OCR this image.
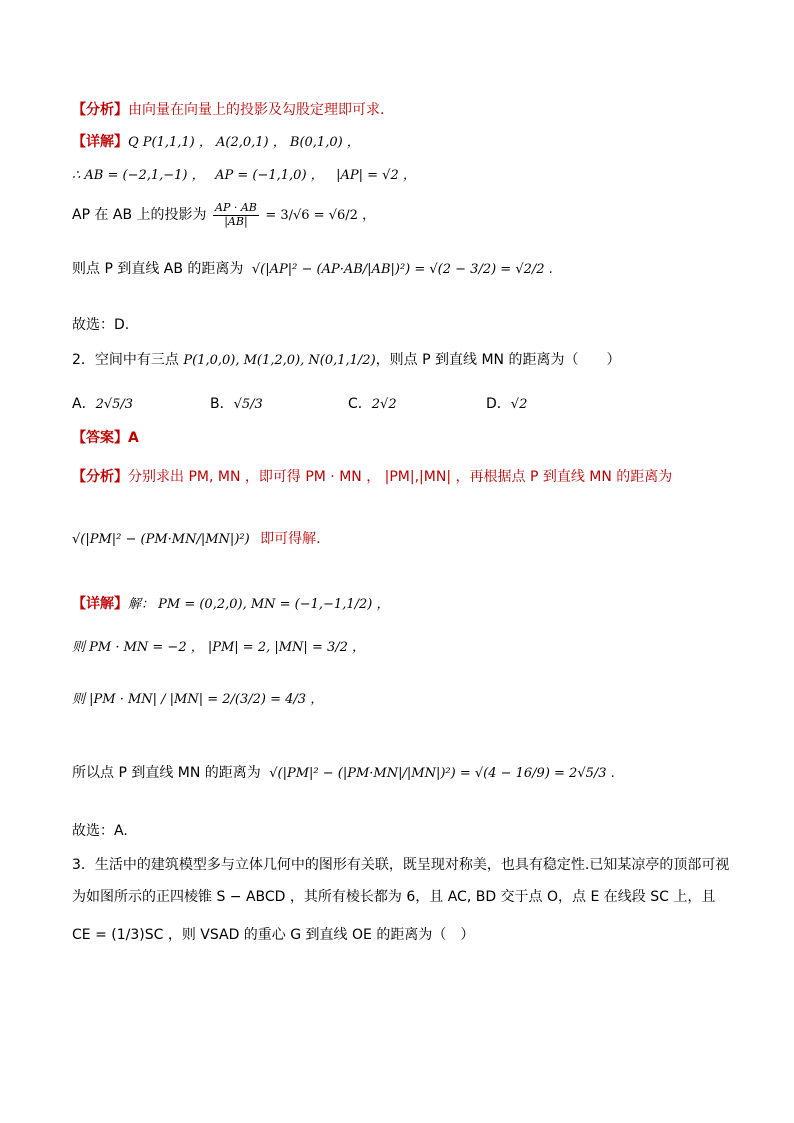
【分析】由向量在向量上的投影及勾股定理即可求.
【详解】Q P(1,1,1) ， A(2,0,1) ， B(0,1,0) ，
∴ AB = (−2,1,−1) ， AP = (−1,1,0) ， |AP| = √2 ，
AP 在 AB 上的投影为 $\frac{AP \cdot AB}{|AB|} = 3/√6 = √6/2$ ，
则点 P 到直线 AB 的距离为 √(|AP|² − (AP·AB/|AB|)²) = √(2 − 3/2) = √2/2 .
故选：D.
2．空间中有三点 P(1,0,0), M(1,2,0), N(0,1,1/2)，则点 P 到直线 MN 的距离为（　　）
A．2√5/3	B．√5/3	C．2√2	D．√2
【答案】A
【分析】分别求出 PM, MN ，即可得 PM · MN ， |PM|,|MN| ，再根据点 P 到直线 MN 的距离为
√(|PM|² − (PM·MN/|MN|)²) 即可得解.
【详解】解： PM = (0,2,0), MN = (−1,−1,1/2) ，
则 PM · MN = −2 ， |PM| = 2, |MN| = 3/2 ，
则 |PM · MN| / |MN| = 2/(3/2) = 4/3 ，
所以点 P 到直线 MN 的距离为 √(|PM|² − (|PM·MN|/|MN|)²) = √(4 − 16/9) = 2√5/3 .
故选：A.
3．生活中的建筑模型多与立体几何中的图形有关联，既呈现对称美，也具有稳定性.已知某凉亭的顶部可视
为如图所示的正四棱锥 S − ABCD ，其所有棱长都为 6，且 AC, BD 交于点 O，点 E 在线段 SC 上，且
CE = (1/3)SC ，则 VSAD 的重心 G 到直线 OE 的距离为（　）
